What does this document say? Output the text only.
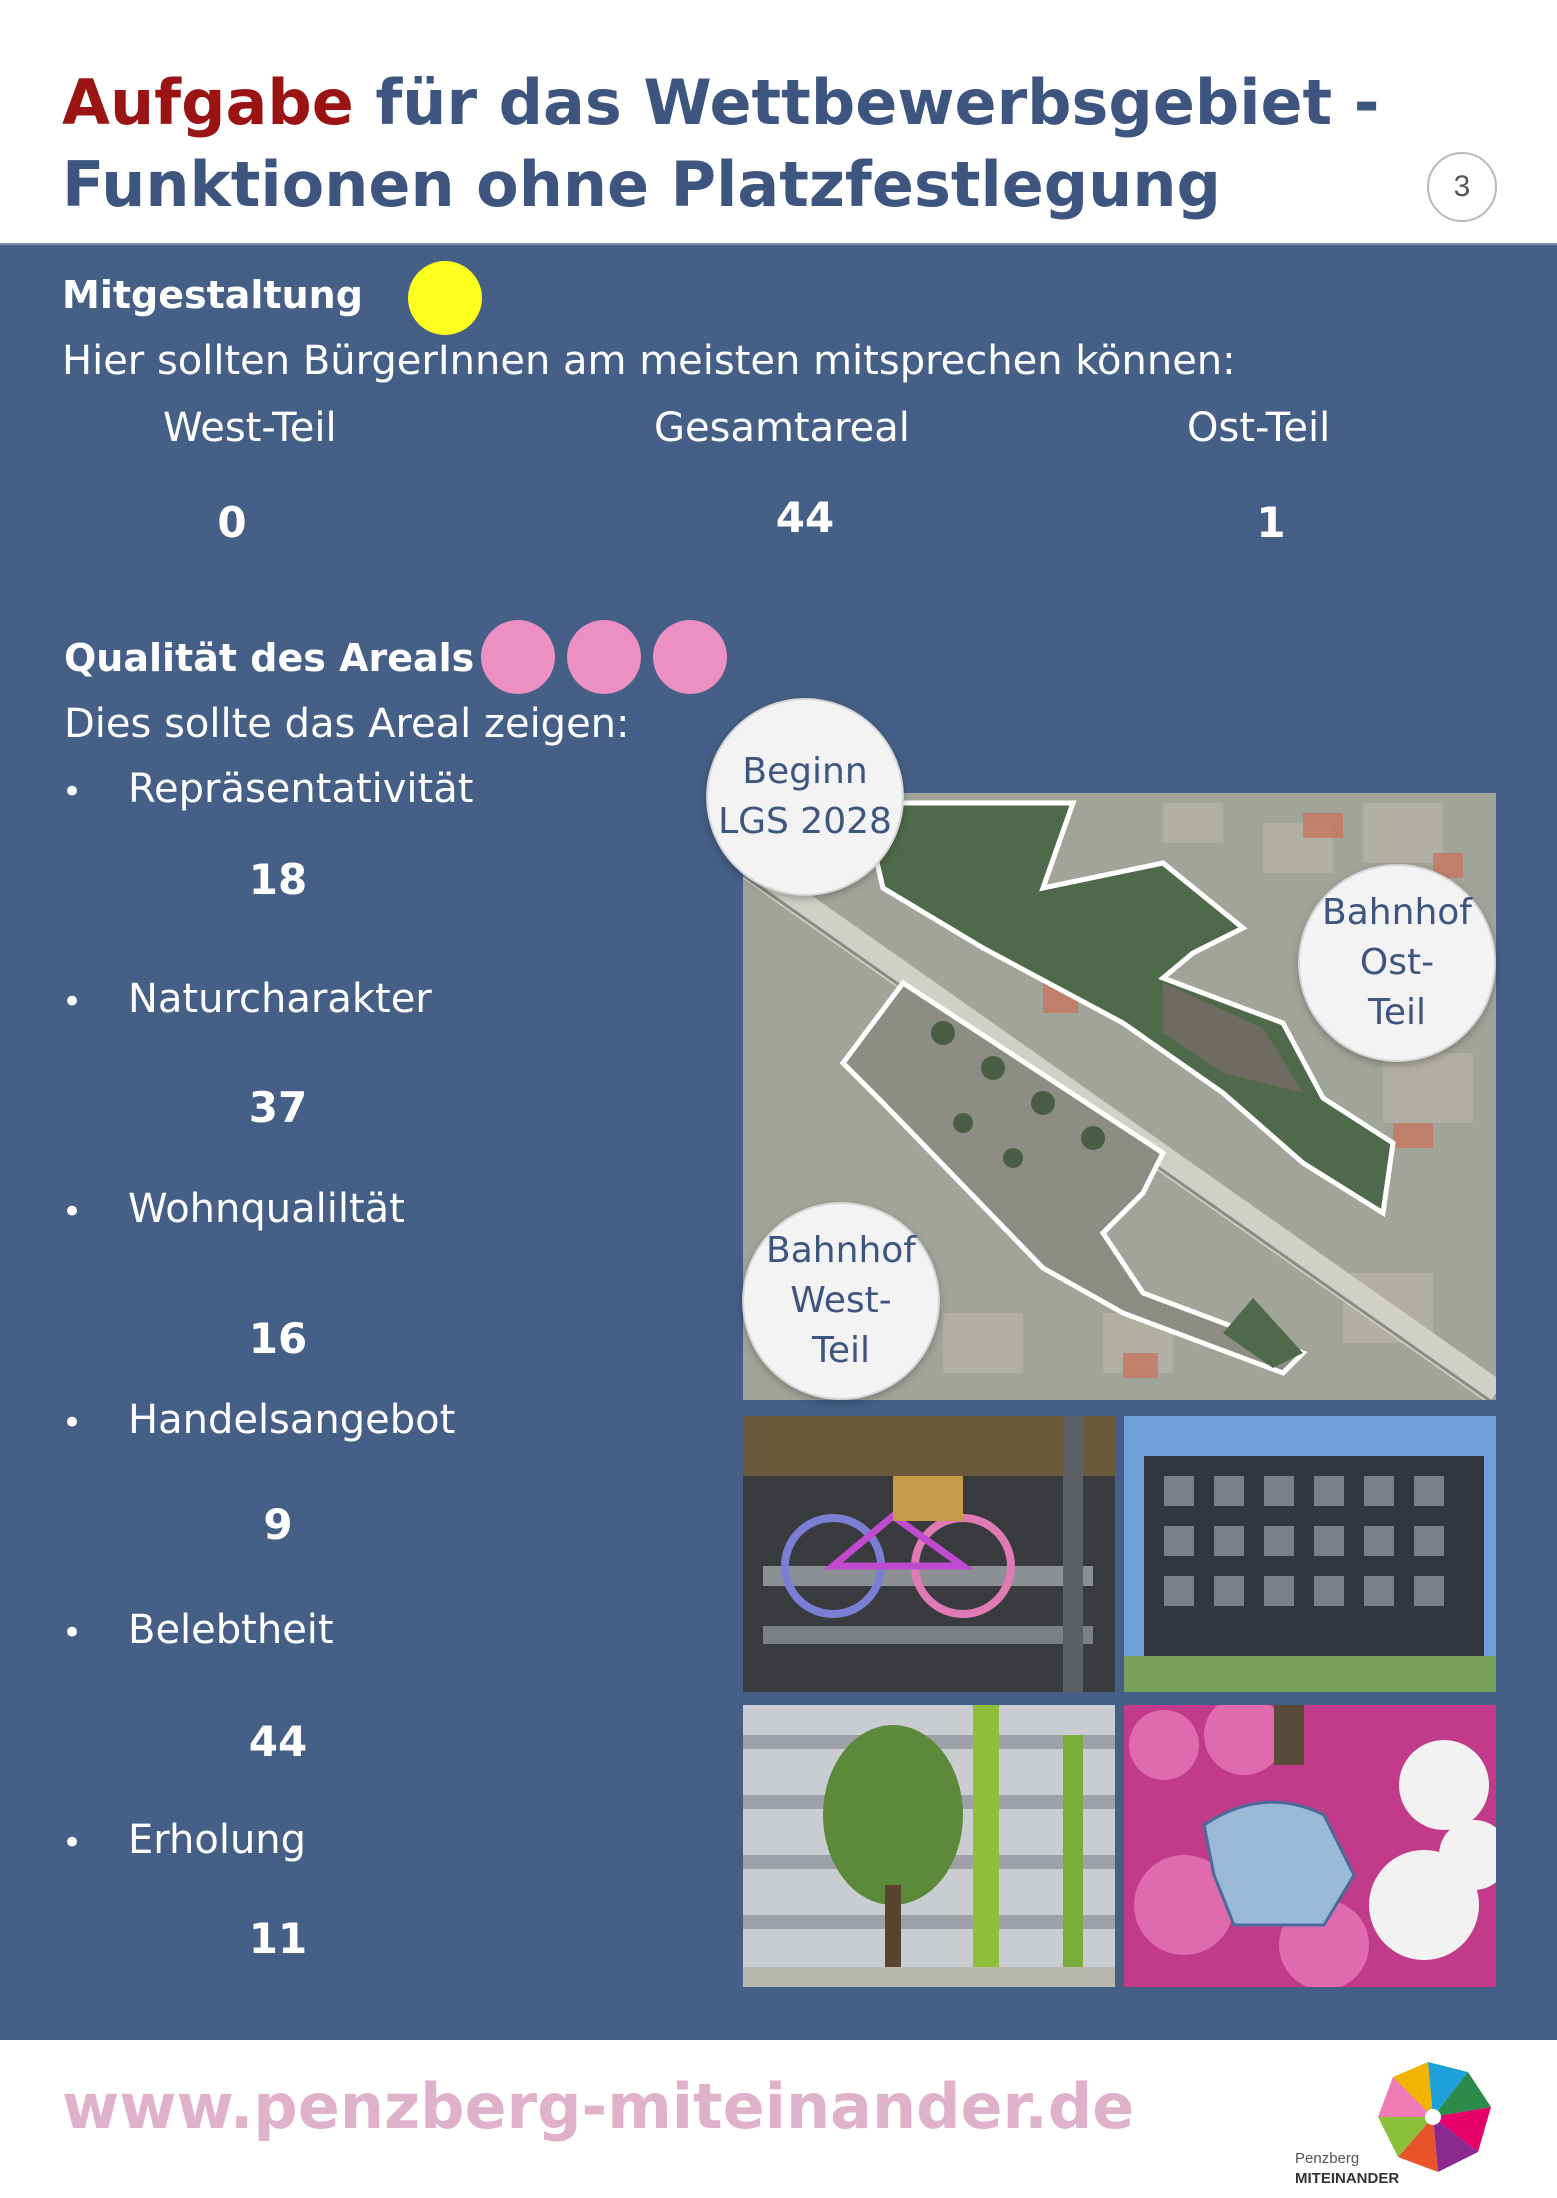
Aufgabe für das Wettbewerbsgebiet -
Funktionen ohne Platzfestlegung	3
Mitgestaltung
Hier sollten BürgerInnen am meisten mitsprechen können:
West-Teil	Gesamtareal	Ost-Teil
0	44	1
Qualität des Areals
Dies sollte das Areal zeigen:
• Repräsentativität
18
• Naturcharakter
37
• Wohnqualiltät
16
• Handelsangebot
9
• Belebtheit
44
• Erholung
11
Beginn
LGS 2028
Bahnhof
Ost-
Teil
Bahnhof
West-
Teil
www.penzberg-miteinander.de
Penzberg
MITEINANDER
